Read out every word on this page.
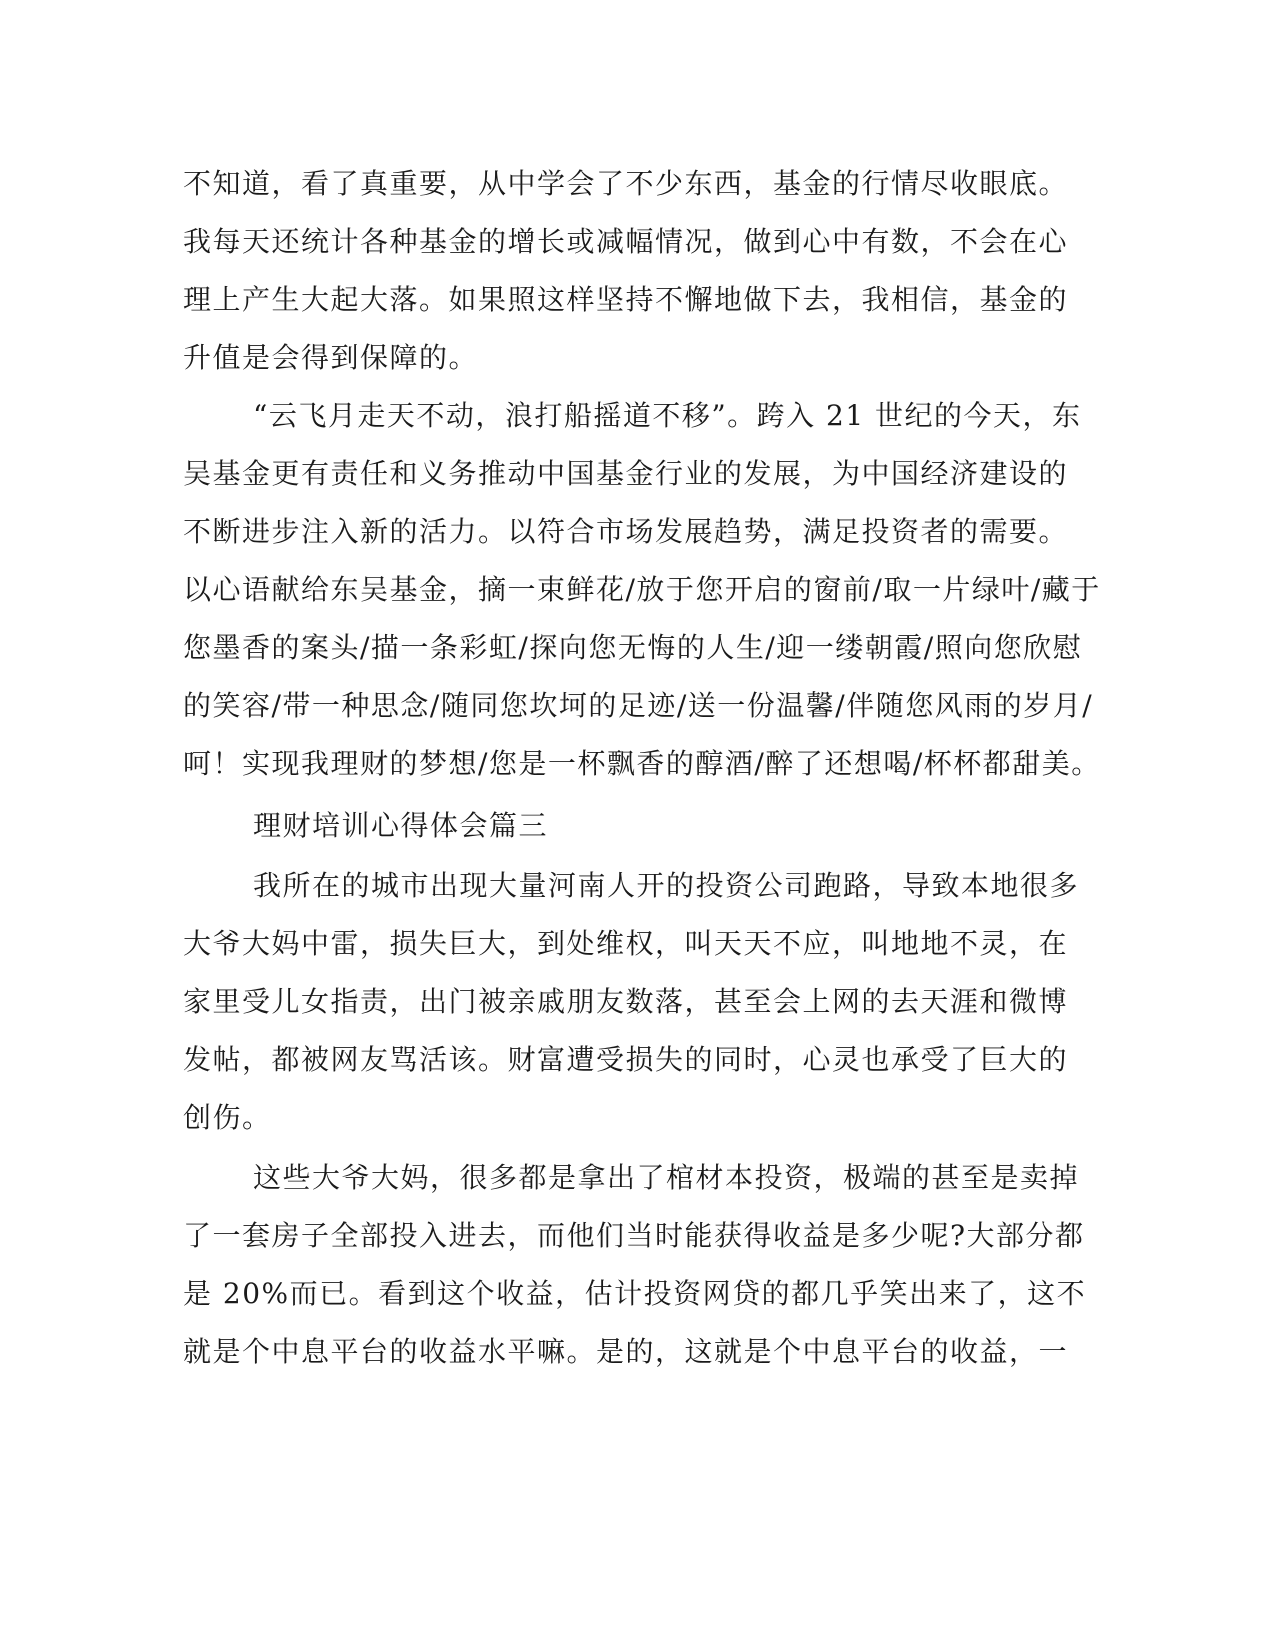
不知道，看了真重要，从中学会了不少东西，基金的行情尽收眼底。
我每天还统计各种基金的增长或减幅情况，做到心中有数，不会在心
理上产生大起大落。如果照这样坚持不懈地做下去，我相信，基金的
升值是会得到保障的。
“云飞月走天不动，浪打船摇道不移”。跨入 21 世纪的今天，东
吴基金更有责任和义务推动中国基金行业的发展，为中国经济建设的
不断进步注入新的活力。以符合市场发展趋势，满足投资者的需要。
以心语献给东吴基金，摘一束鲜花/放于您开启的窗前/取一片绿叶/藏于
您墨香的案头/描一条彩虹/探向您无悔的人生/迎一缕朝霞/照向您欣慰
的笑容/带一种思念/随同您坎坷的足迹/送一份温馨/伴随您风雨的岁月/
呵！实现我理财的梦想/您是一杯飘香的醇酒/醉了还想喝/杯杯都甜美。
理财培训心得体会篇三
我所在的城市出现大量河南人开的投资公司跑路，导致本地很多
大爷大妈中雷，损失巨大，到处维权，叫天天不应，叫地地不灵，在
家里受儿女指责，出门被亲戚朋友数落，甚至会上网的去天涯和微博
发帖，都被网友骂活该。财富遭受损失的同时，心灵也承受了巨大的
创伤。
这些大爷大妈，很多都是拿出了棺材本投资，极端的甚至是卖掉
了一套房子全部投入进去，而他们当时能获得收益是多少呢?大部分都
是 20%而已。看到这个收益，估计投资网贷的都几乎笑出来了，这不
就是个中息平台的收益水平嘛。是的，这就是个中息平台的收益，一
